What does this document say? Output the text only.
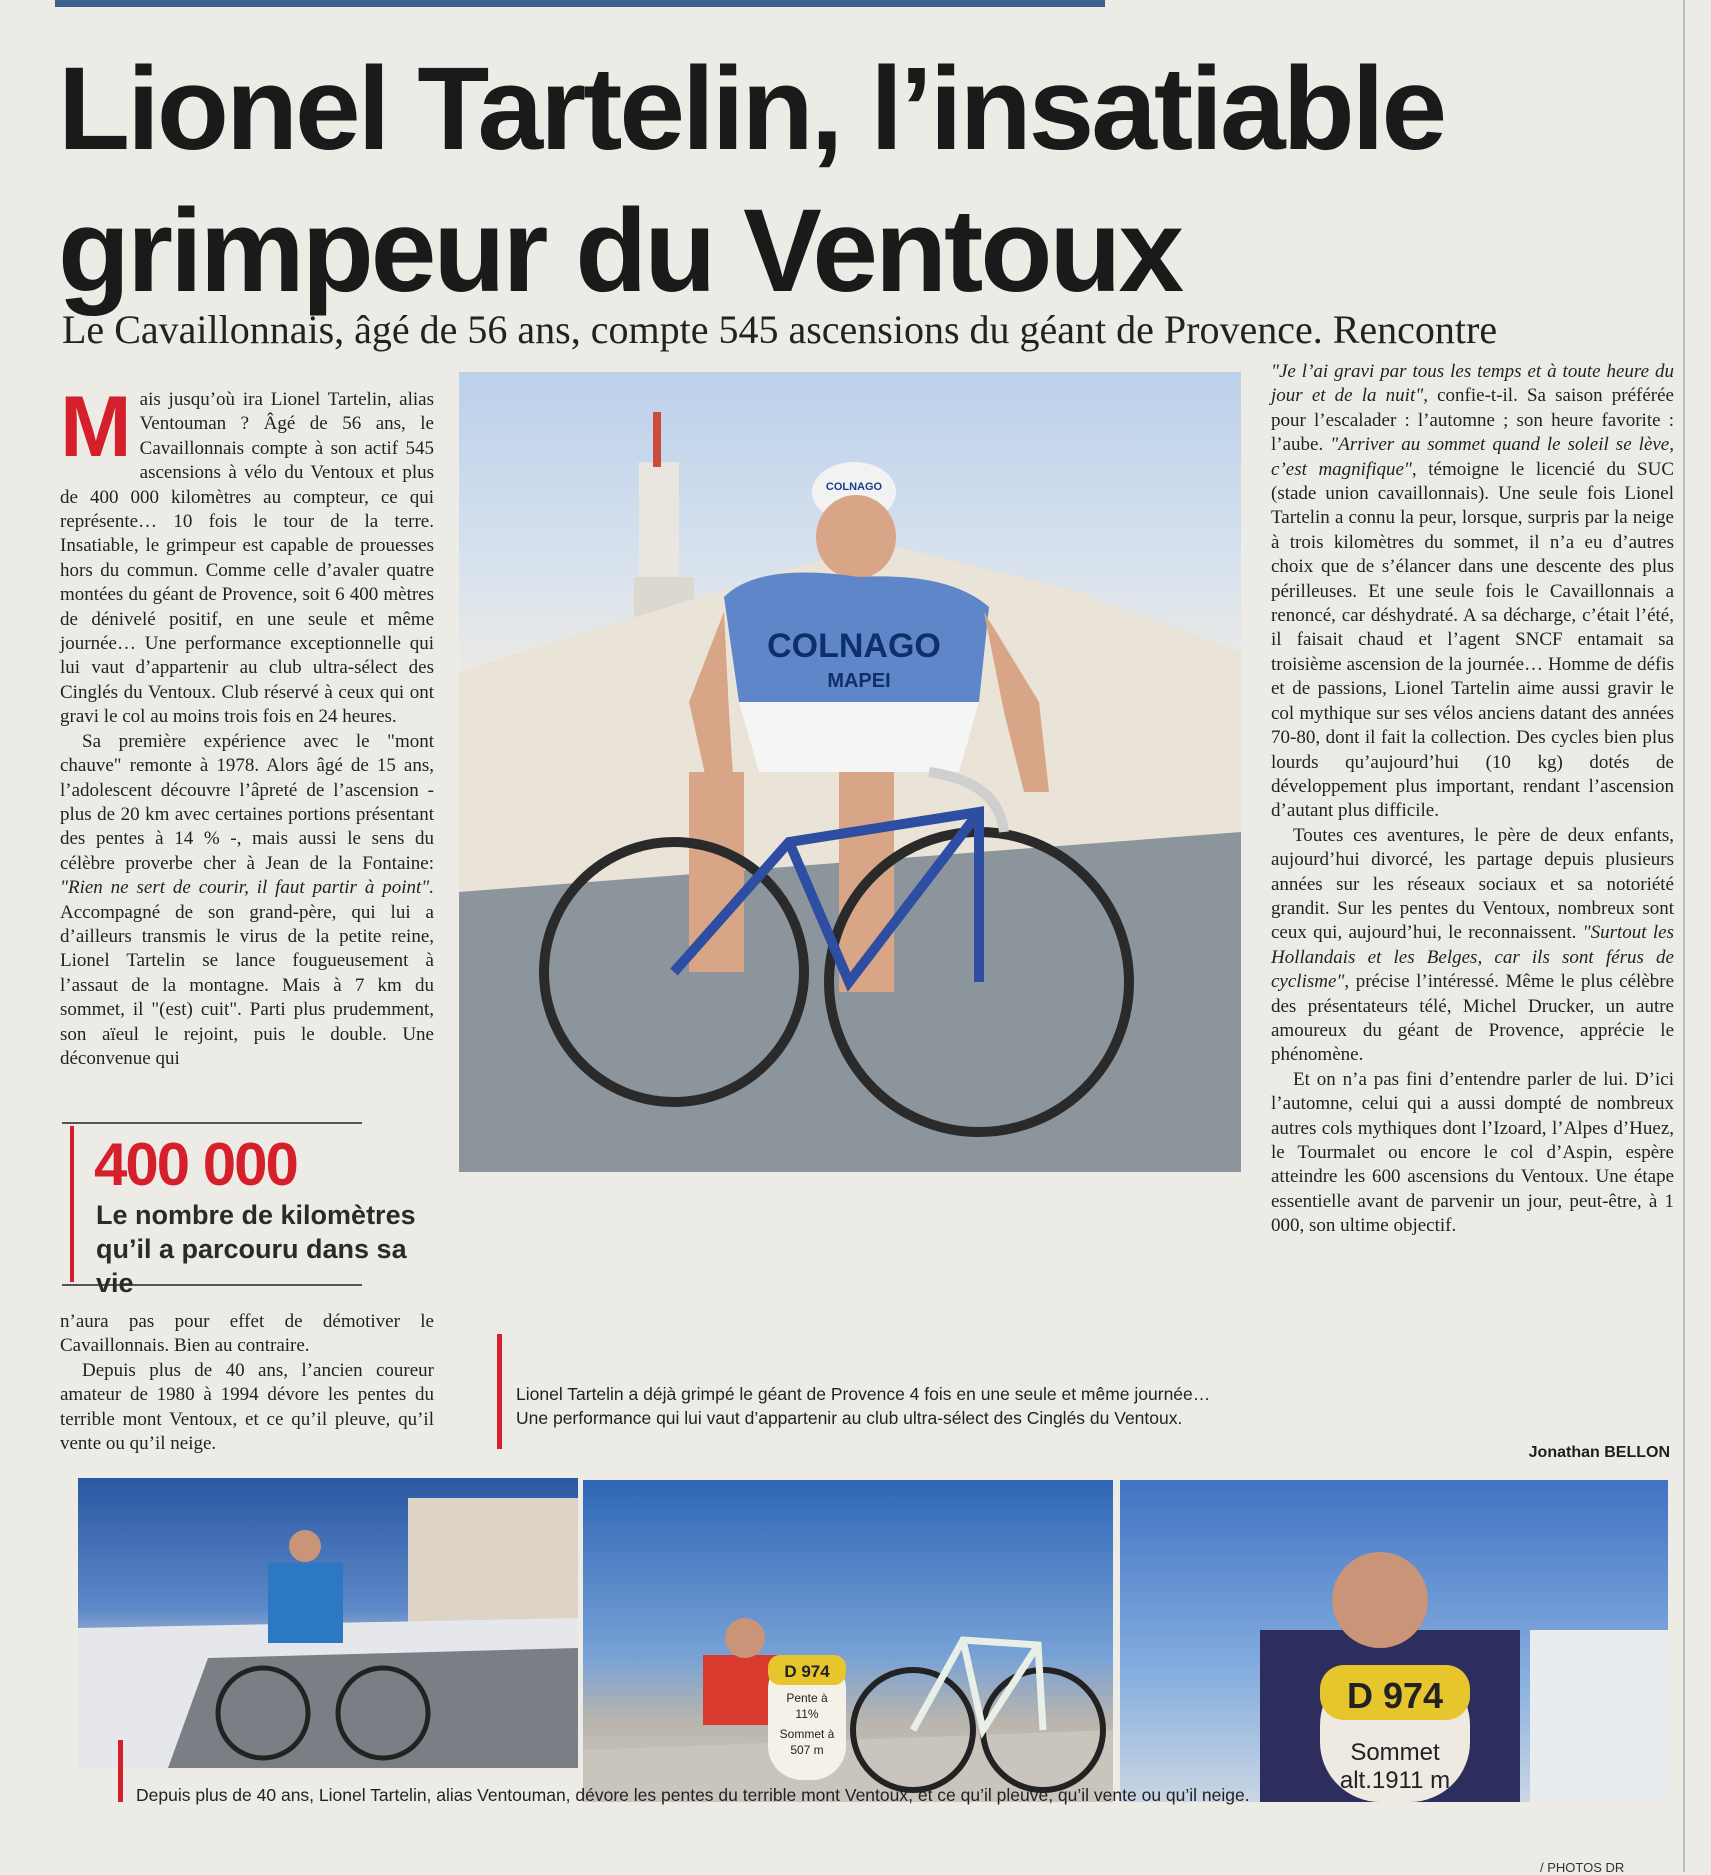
Lionel Tartelin, l’insatiable
grimpeur du Ventoux

Le Cavaillonnais, âgé de 56 ans, compte 545 ascensions du géant de Provence. Rencontre

Mais jusqu’où ira Lionel Tartelin, alias Ventouman ? Âgé de 56 ans, le Cavaillonnais compte à son actif 545 ascensions à vélo du Ventoux et plus de 400 000 kilomètres au compteur, ce qui représente… 10 fois le tour de la terre. Insatiable, le grimpeur est capable de prouesses hors du commun. Comme celle d’avaler quatre montées du géant de Provence, soit 6 400 mètres de dénivelé positif, en une seule et même journée… Une performance exceptionnelle qui lui vaut d’appartenir au club ultra-sélect des Cinglés du Ventoux. Club réservé à ceux qui ont gravi le col au moins trois fois en 24 heures.

Sa première expérience avec le "mont chauve" remonte à 1978. Alors âgé de 15 ans, l’adolescent découvre l’âpreté de l’ascension - plus de 20 km avec certaines portions présentant des pentes à 14 % -, mais aussi le sens du célèbre proverbe cher à Jean de la Fontaine: "Rien ne sert de courir, il faut partir à point". Accompagné de son grand-père, qui lui a d’ailleurs transmis le virus de la petite reine, Lionel Tartelin se lance fougueusement à l’assaut de la montagne. Mais à 7 km du sommet, il "(est) cuit". Parti plus prudemment, son aïeul le rejoint, puis le double. Une déconvenue qui

400 000

Le nombre de kilomètres
qu’il a parcouru dans sa vie

n’aura pas pour effet de démotiver le Cavaillonnais. Bien au contraire.

Depuis plus de 40 ans, l’ancien coureur amateur de 1980 à 1994 dévore les pentes du terrible mont Ventoux, et ce qu’il pleuve, qu’il vente ou qu’il neige.

COLNAGO
COLNAGO
MAPEI

Lionel Tartelin a déjà grimpé le géant de Provence 4 fois en une seule et même journée… Une performance qui lui vaut d’appartenir au club ultra-sélect des Cinglés du Ventoux.

"Je l’ai gravi par tous les temps et à toute heure du jour et de la nuit", confie-t-il. Sa saison préférée pour l’escalader : l’automne ; son heure favorite : l’aube. "Arriver au sommet quand le soleil se lève, c’est magnifique", témoigne le licencié du SUC (stade union cavaillonnais). Une seule fois Lionel Tartelin a connu la peur, lorsque, surpris par la neige à trois kilomètres du sommet, il n’a eu d’autres choix que de s’élancer dans une descente des plus périlleuses. Et une seule fois le Cavaillonnais a renoncé, car déshydraté. A sa décharge, c’était l’été, il faisait chaud et l’agent SNCF entamait sa troisième ascension de la journée… Homme de défis et de passions, Lionel Tartelin aime aussi gravir le col mythique sur ses vélos anciens datant des années 70-80, dont il fait la collection. Des cycles bien plus lourds qu’aujourd’hui (10 kg) dotés de développement plus important, rendant l’ascension d’autant plus difficile.

Toutes ces aventures, le père de deux enfants, aujourd’hui divorcé, les partage depuis plusieurs années sur les réseaux sociaux et sa notoriété grandit. Sur les pentes du Ventoux, nombreux sont ceux qui, aujourd’hui, le reconnaissent. "Surtout les Hollandais et les Belges, car ils sont férus de cyclisme", précise l’intéressé. Même le plus célèbre des présentateurs télé, Michel Drucker, un autre amoureux du géant de Provence, apprécie le phénomène.

Et on n’a pas fini d’entendre parler de lui. D’ici l’automne, celui qui a aussi dompté de nombreux autres cols mythiques dont l’Izoard, l’Alpes d’Huez, le Tourmalet ou encore le col d’Aspin, espère atteindre les 600 ascensions du Ventoux. Une étape essentielle avant de parvenir un jour, peut-être, à 1 000, son ultime objectif.

Jonathan BELLON

D 974
Pente à
11%
Sommet à
507 m
D 974
Sommet
alt.1911 m

Depuis plus de 40 ans, Lionel Tartelin, alias Ventouman, dévore les pentes du terrible mont Ventoux, et ce qu’il pleuve, qu’il vente ou qu’il neige.

/ PHOTOS DR
